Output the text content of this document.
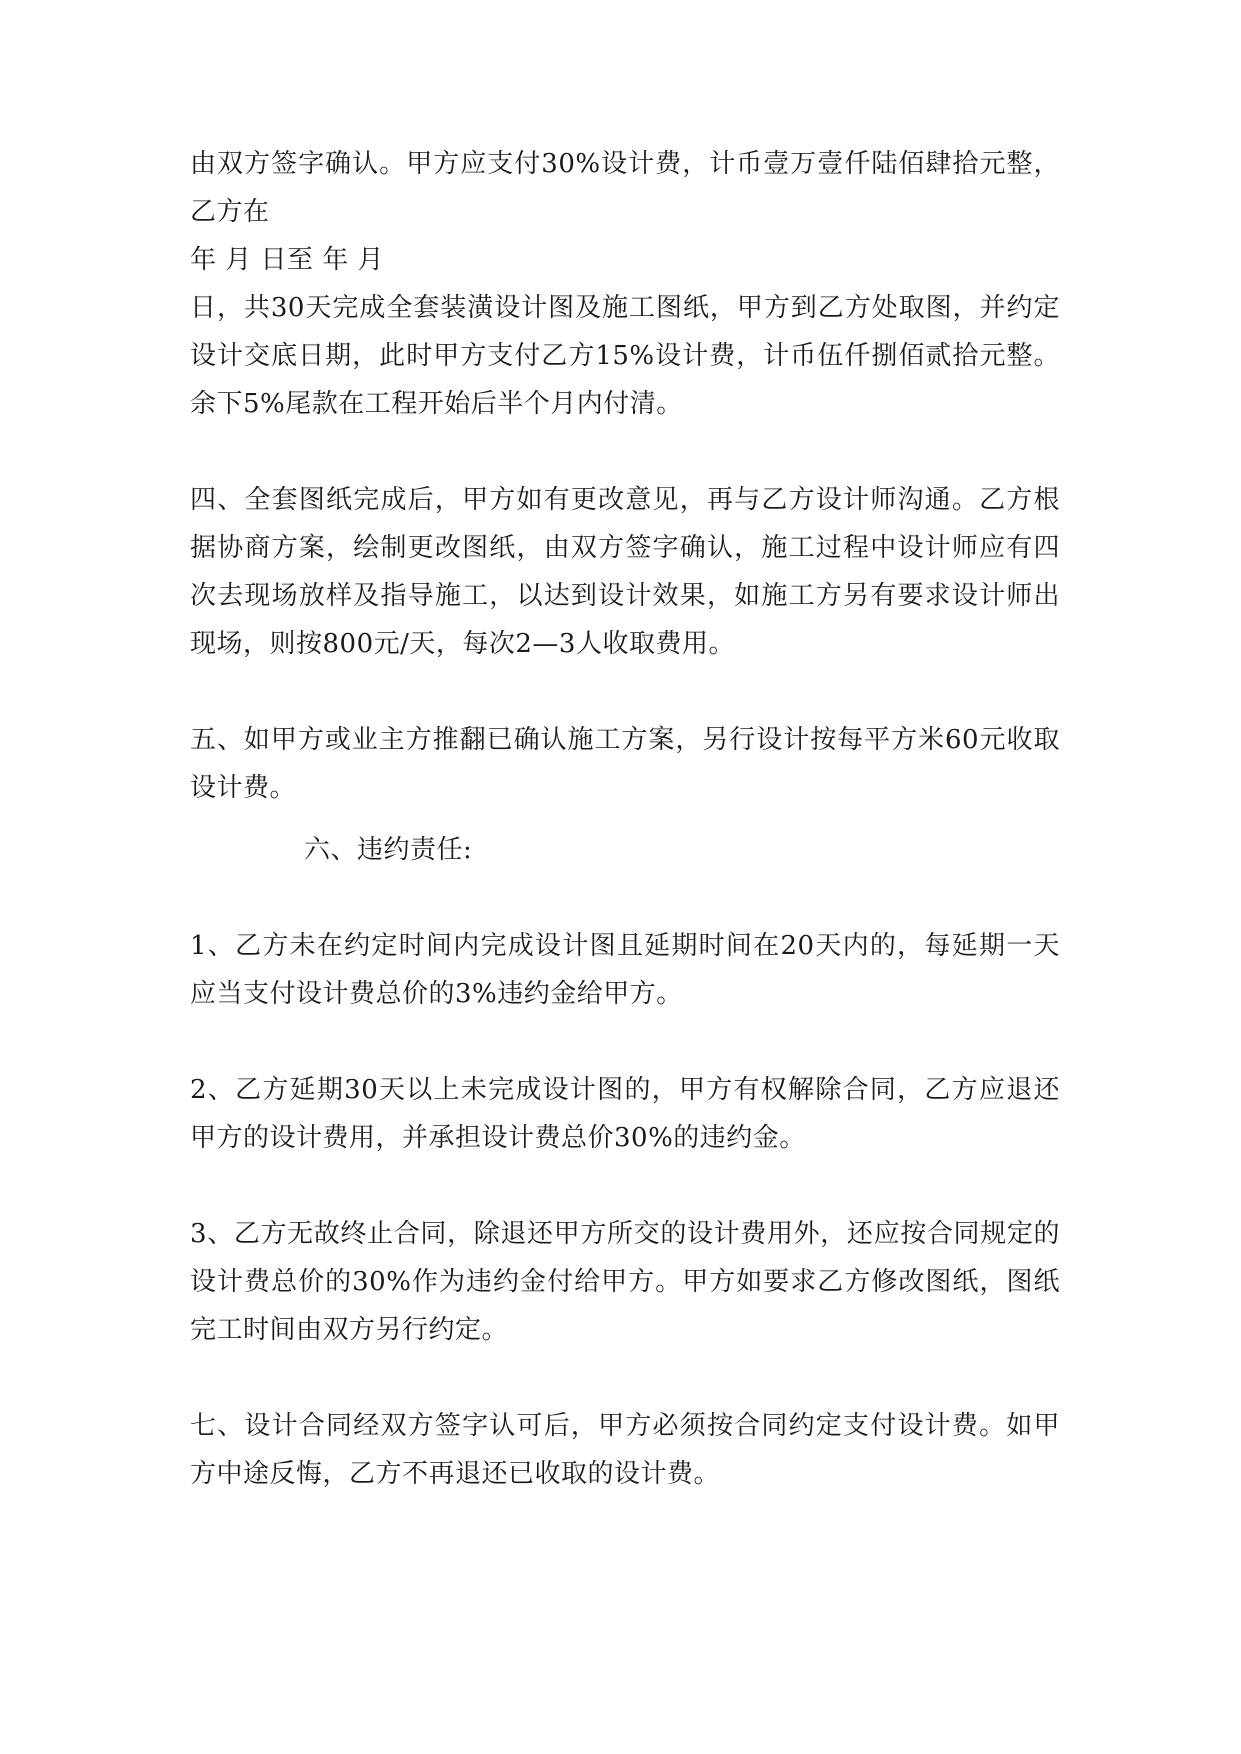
由双方签字确认。甲方应支付30%设计费，计币壹万壹仟陆佰肆拾元整，乙方在

年 月 日至 年 月

日，共30天完成全套装潢设计图及施工图纸，甲方到乙方处取图，并约定设计交底日期，此时甲方支付乙方15%设计费，计币伍仟捌佰贰拾元整。余下5%尾款在工程开始后半个月内付清。

四、全套图纸完成后，甲方如有更改意见，再与乙方设计师沟通。乙方根据协商方案，绘制更改图纸，由双方签字确认，施工过程中设计师应有四次去现场放样及指导施工，以达到设计效果，如施工方另有要求设计师出现场，则按800元/天，每次2—3人收取费用。

五、如甲方或业主方推翻已确认施工方案，另行设计按每平方米60元收取设计费。

六、违约责任:

1、乙方未在约定时间内完成设计图且延期时间在20天内的，每延期一天应当支付设计费总价的3%违约金给甲方。

2、乙方延期30天以上未完成设计图的，甲方有权解除合同，乙方应退还甲方的设计费用，并承担设计费总价30%的违约金。

3、乙方无故终止合同，除退还甲方所交的设计费用外，还应按合同规定的设计费总价的30%作为违约金付给甲方。甲方如要求乙方修改图纸，图纸完工时间由双方另行约定。

七、设计合同经双方签字认可后，甲方必须按合同约定支付设计费。如甲方中途反悔，乙方不再退还已收取的设计费。
